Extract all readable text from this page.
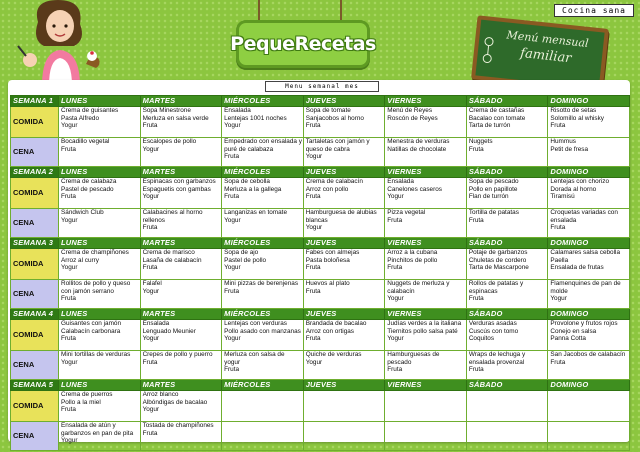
Cocina sana
PequeRecetas	Menú mensual
familiar
Menu semanal mes
SEMANA 1	LUNES	MARTES	MIÉRCOLES	JUEVES	VIERNES	SÁBADO	DOMINGO
COMIDA	Crema de guisantes
Pasta Alfredo
Yogur	Sopa Minestrone
Merluza en salsa verde
Fruta	Ensalada
Lentejas 1001 noches
Yogur	Sopa de tomate
Sanjacobos al horno
Fruta	Menú de Reyes
Roscón de Reyes	Crema de castañas
Bacalao con tomate
Tarta de turrón	Risotto de setas
Solomillo al whisky
Fruta

CENA	Bocadillo vegetal
Fruta	Escalopes de pollo
Yogur	Empedrado con ensalada y
puré de calabaza
Fruta	Tartaletas con jamón y
queso de cabra
Yogur	Menestra de verduras
Natillas de chocolate	Nuggets
Fruta	Hummus
Petit de fresa

SEMANA 2	LUNES	MARTES	MIÉRCOLES	JUEVES	VIERNES	SÁBADO	DOMINGO
COMIDA	Crema de calabaza
Pastel de pescado
Fruta	Espinacas con garbanzos
Espaguetis con gambas
Yogur	Sopa de cebolla
Merluza a la gallega
Fruta	Crema de calabacín
Arroz con pollo
Fruta	Ensalada
Canelones caseros
Yogur	Sopa de pescado
Pollo en papillote
Flan de turrón	Lentejas con chorizo
Dorada al horno
Tiramisú

CENA	Sándwich Club
Yogur	Calabacines al horno
rellenos
Fruta	Langanizas en tomate
Yogur	Hamburguesa de alubias
blancas
Yogur	Pizza vegetal
Fruta	Tortilla de patatas
Fruta	Croquetas variadas con
ensalada
Fruta

SEMANA 3	LUNES	MARTES	MIÉRCOLES	JUEVES	VIERNES	SÁBADO	DOMINGO
COMIDA	Crema de champiñones
Arroz al curry
Yogur	Crema de marisco
Lasaña de calabacín
Fruta	Sopa de ajo
Pastel de pollo
Yogur	Fabes con almejas
Pasta boloñesa
Fruta	Arroz a la cubana
Pinchitos de pollo
Fruta	Potaje de garbanzos
Chuletas de cordero
Tarta de Mascarpone	Calamares salsa cebolla
Paella
Ensalada de frutas

CENA	Rollitos de pollo y queso
con jamón serrano
Fruta	Falafel
Yogur	Mini pizzas de berenjenas
Fruta	Huevos al plato
Fruta	Nuggets de merluza y
calabacín
Yogur	Rollos de patatas y
espinacas
Fruta	Flamenquines de pan de
molde
Yogur

SEMANA 4	LUNES	MARTES	MIÉRCOLES	JUEVES	VIERNES	SÁBADO	DOMINGO
COMIDA	Guisantes con jamón
Calabacín carbonara
Fruta	Ensalada
Lenguado Meunier
Yogur	Lentejas con verduras
Pollo asado con manzanas
Yogur	Brandada de bacalao
Arroz con ortigas
Fruta	Judías verdes a la italiana
Tiernitos pollo salsa paté
Yogur	Verduras asadas
Cuscús con tomo
Coquitos	Provolone y frutos rojos
Conejo en salsa
Panna Cotta

CENA	Mini tortillas de verduras
Yogur	Crepes de pollo y puerro
Fruta	Merluza con salsa de
yogur
Fruta	Quiche de verduras
Yogur	Hamburguesas de
pescado
Fruta	Wraps de lechuga y
ensalada provenzal
Fruta	San Jacobos de calabacín
Fruta

SEMANA 5	LUNES	MARTES	MIÉRCOLES	JUEVES	VIERNES	SÁBADO	DOMINGO
COMIDA	Crema de puerros
Pollo a la miel
Fruta	Arroz blanco
Albóndigas de bacalao
Yogur					

CENA	Ensalada de atún y
garbanzos en pan de pita
Yogur	Tostada de champiñones
Fruta					
